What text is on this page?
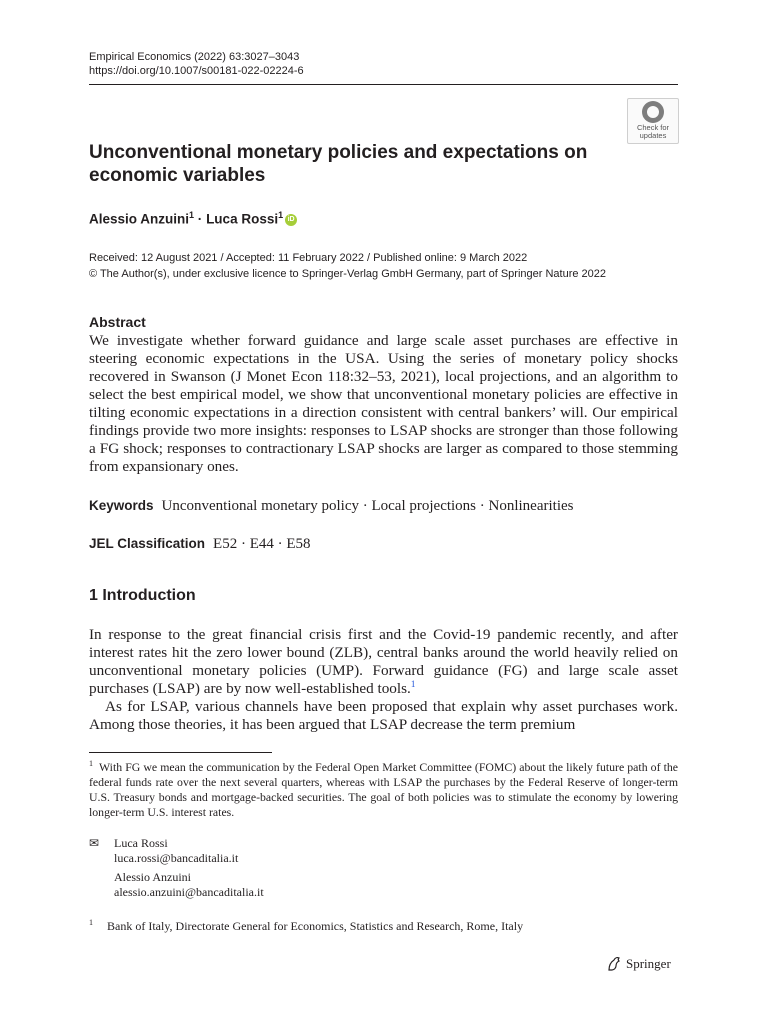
Empirical Economics (2022) 63:3027–3043
https://doi.org/10.1007/s00181-022-02224-6
Check for
updates
Unconventional monetary policies and expectations on economic variables
Alessio Anzuini$^1$ · Luca Rossi$^1$ iD
Received: 12 August 2021 / Accepted: 11 February 2022 / Published online: 9 March 2022
© The Author(s), under exclusive licence to Springer-Verlag GmbH Germany, part of Springer Nature 2022
Abstract

We investigate whether forward guidance and large scale asset purchases are effective in steering economic expectations in the USA. Using the series of monetary policy shocks recovered in Swanson (J Monet Econ 118:32–53, 2021), local projections, and an algorithm to select the best empirical model, we show that unconventional monetary policies are effective in tilting economic expectations in a direction consistent with central bankers’ will. Our empirical findings provide two more insights: responses to LSAP shocks are stronger than those following a FG shock; responses to contractionary LSAP shocks are larger as compared to those stemming from expansionary ones.

Keywords Unconventional monetary policy · Local projections · Nonlinearities
JEL Classification E52 · E44 · E58
1 Introduction

In response to the great financial crisis first and the Covid-19 pandemic recently, and after interest rates hit the zero lower bound (ZLB), central banks around the world heavily relied on unconventional monetary policies (UMP). Forward guidance (FG) and large scale asset purchases (LSAP) are by now well-established tools.$^1$

As for LSAP, various channels have been proposed that explain why asset purchases work. Among those theories, it has been argued that LSAP decrease the term premium

$^1$ With FG we mean the communication by the Federal Open Market Committee (FOMC) about the likely future path of the federal funds rate over the next several quarters, whereas with LSAP the purchases by the Federal Reserve of longer-term U.S. Treasury bonds and mortgage-backed securities. The goal of both policies was to stimulate the economy by lowering longer-term U.S. interest rates.

✉	Luca Rossi
luca.rossi@bancaditalia.it
Alessio Anzuini
alessio.anzuini@bancaditalia.it
$^1$ Bank of Italy, Directorate General for Economics, Statistics and Research, Rome, Italy
Springer
